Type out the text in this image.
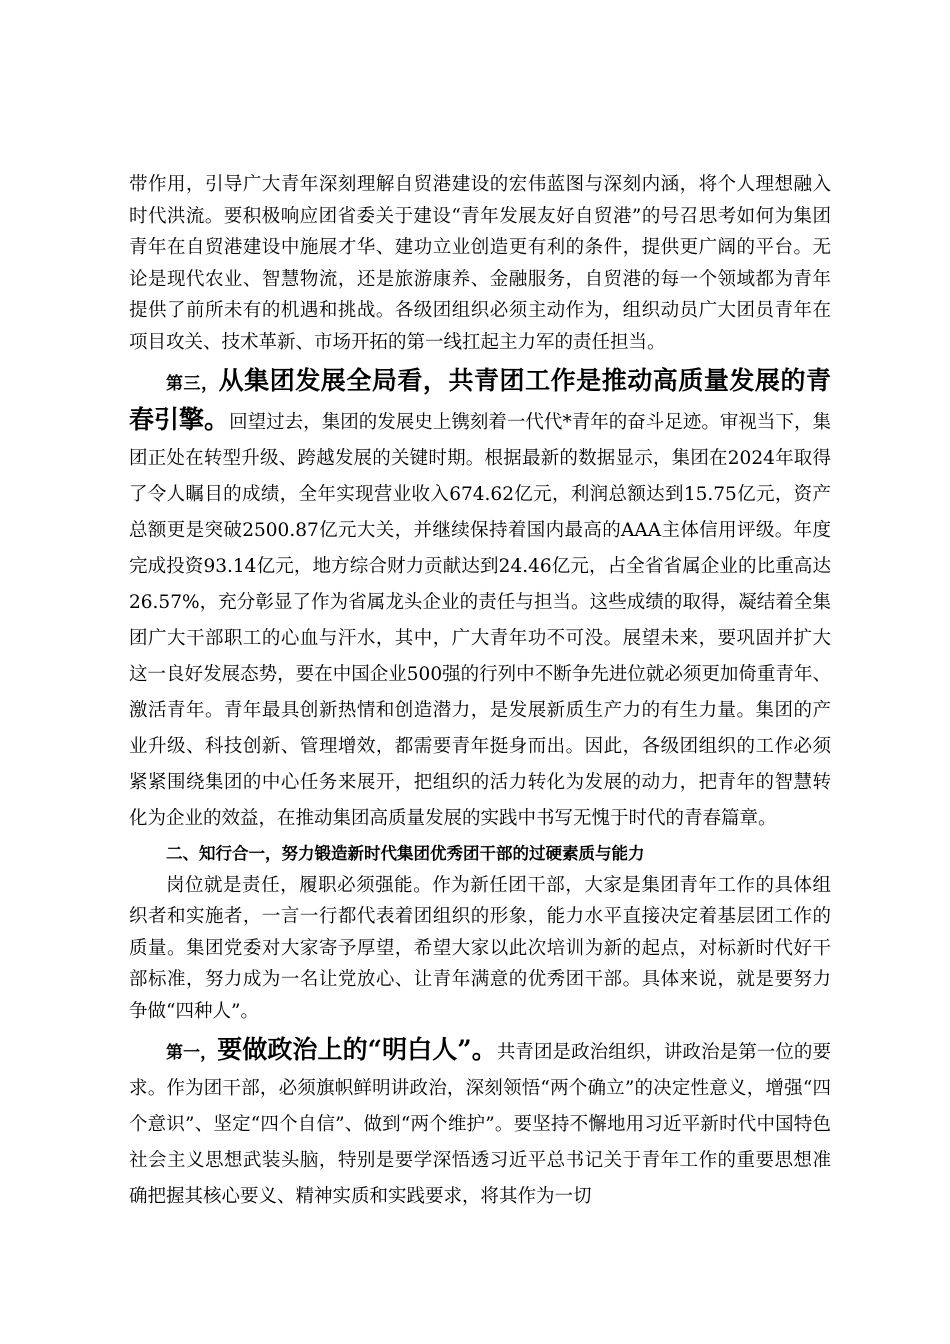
带作用，引导广大青年深刻理解自贸港建设的宏伟蓝图与深刻内涵，将个人理想融入时代洪流。要积极响应团省委关于建设“青年发展友好自贸港”的号召思考如何为集团青年在自贸港建设中施展才华、建功立业创造更有利的条件，提供更广阔的平台。无论是现代农业、智慧物流，还是旅游康养、金融服务，自贸港的每一个领域都为青年提供了前所未有的机遇和挑战。各级团组织必须主动作为，组织动员广大团员青年在项目攻关、技术革新、市场开拓的第一线扛起主力军的责任担当。

第三，从集团发展全局看，共青团工作是推动高质量发展的青春引擎。回望过去，集团的发展史上镌刻着一代代*青年的奋斗足迹。审视当下，集团正处在转型升级、跨越发展的关键时期。根据最新的数据显示，集团在2024年取得了令人瞩目的成绩，全年实现营业收入674.62亿元，利润总额达到15.75亿元，资产总额更是突破2500.87亿元大关，并继续保持着国内最高的AAA主体信用评级。年度完成投资93.14亿元，地方综合财力贡献达到24.46亿元，占全省省属企业的比重高达26.57%，充分彰显了作为省属龙头企业的责任与担当。这些成绩的取得，凝结着全集团广大干部职工的心血与汗水，其中，广大青年功不可没。展望未来，要巩固并扩大这一良好发展态势，要在中国企业500强的行列中不断争先进位就必须更加倚重青年、激活青年。青年最具创新热情和创造潜力，是发展新质生产力的有生力量。集团的产业升级、科技创新、管理增效，都需要青年挺身而出。因此，各级团组织的工作必须紧紧围绕集团的中心任务来展开，把组织的活力转化为发展的动力，把青年的智慧转化为企业的效益，在推动集团高质量发展的实践中书写无愧于时代的青春篇章。

二、知行合一，努力锻造新时代集团优秀团干部的过硬素质与能力

岗位就是责任，履职必须强能。作为新任团干部，大家是集团青年工作的具体组织者和实施者，一言一行都代表着团组织的形象，能力水平直接决定着基层团工作的质量。集团党委对大家寄予厚望，希望大家以此次培训为新的起点，对标新时代好干部标准，努力成为一名让党放心、让青年满意的优秀团干部。具体来说，就是要努力争做“四种人”。

第一，要做政治上的“明白人”。共青团是政治组织，讲政治是第一位的要求。作为团干部，必须旗帜鲜明讲政治，深刻领悟“两个确立”的决定性意义，增强“四个意识”、坚定“四个自信”、做到“两个维护”。要坚持不懈地用习近平新时代中国特色社会主义思想武装头脑，特别是要学深悟透习近平总书记关于青年工作的重要思想准确把握其核心要义、精神实质和实践要求，将其作为一切
